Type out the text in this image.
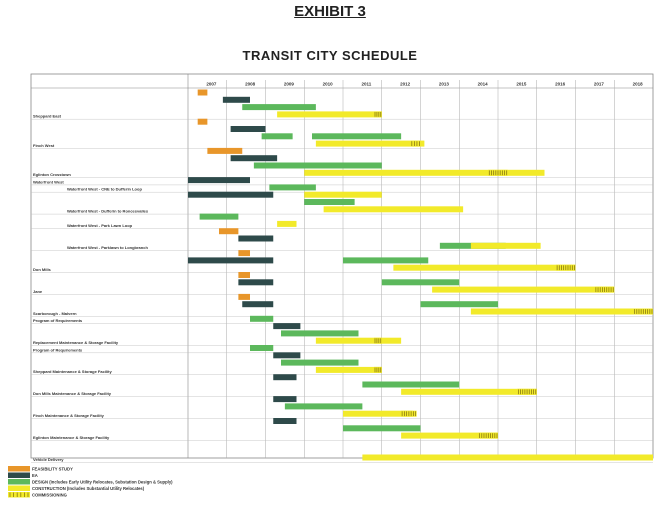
EXHIBIT 3
TRANSIT CITY SCHEDULE
2007	2008	2009	2010	2011	2012	2013	2014	2015	2016	2017	2018
Sheppard East
Finch West
Eglinton Crosstown
Waterfront West
Waterfront West - CNE to Dufferin Loop
Waterfront West - Dufferin to Roncesvalles
Waterfront West - Park Lawn Loop
Waterfront West - Parklawn to Longbranch
Don Mills
Jane
Scarborough - Malvern
Program of Requirements
Replacement Maintenance & Storage Facility
Program of Requirements
Sheppard Maintenance & Storage Facility
Don Mills Maintenance & Storage Facility
Finch Maintenance & Storage Facility
Eglinton Maintenance & Storage Facility
Vehicle Delivery
FEASIBILITY STUDY
EA
DESIGN (Includes Early Utility Relocates, Substation Design & Supply)
CONSTRUCTION (Includes Substantial Utility Relocates)
COMMISSIONING
